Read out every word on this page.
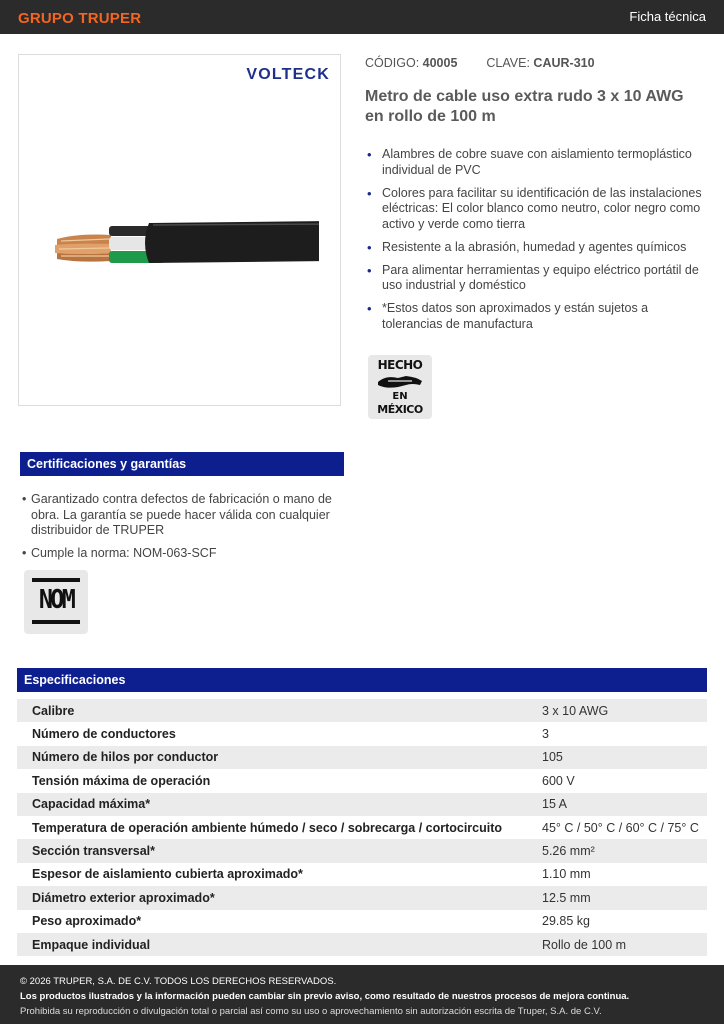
GRUPO TRUPER	Ficha técnica
VOLTECK
CÓDIGO: 40005 CLAVE: CAUR-310
Metro de cable uso extra rudo 3 x 10 AWG en rollo de 100 m
• Alambres de cobre suave con aislamiento termoplástico individual de PVC
• Colores para facilitar su identificación de las instalaciones eléctricas: El color blanco como neutro, color negro como activo y verde como tierra
• Resistente a la abrasión, humedad y agentes químicos
• Para alimentar herramientas y equipo eléctrico portátil de uso industrial y doméstico
• *Estos datos son aproximados y están sujetos a tolerancias de manufactura
HECHO
EN
MÉXICO
Certificaciones y garantías
• Garantizado contra defectos de fabricación o mano de obra. La garantía se puede hacer válida con cualquier distribuidor de TRUPER
• Cumple la norma: NOM-063-SCF
NOM
Especificaciones
Calibre	3 x 10 AWG
Número de conductores	3
Número de hilos por conductor	105
Tensión máxima de operación	600 V
Capacidad máxima*	15 A
Temperatura de operación ambiente húmedo / seco / sobrecarga / cortocircuito	45° C / 50° C / 60° C / 75° C
Sección transversal*	5.26 mm²
Espesor de aislamiento cubierta aproximado*	1.10 mm
Diámetro exterior aproximado*	12.5 mm
Peso aproximado*	29.85 kg
Empaque individual	Rollo de 100 m

© 2026 TRUPER, S.A. DE C.V. TODOS LOS DERECHOS RESERVADOS.

Los productos ilustrados y la información pueden cambiar sin previo aviso, como resultado de nuestros procesos de mejora continua.

Prohibida su reproducción o divulgación total o parcial así como su uso o aprovechamiento sin autorización escrita de Truper, S.A. de C.V.
